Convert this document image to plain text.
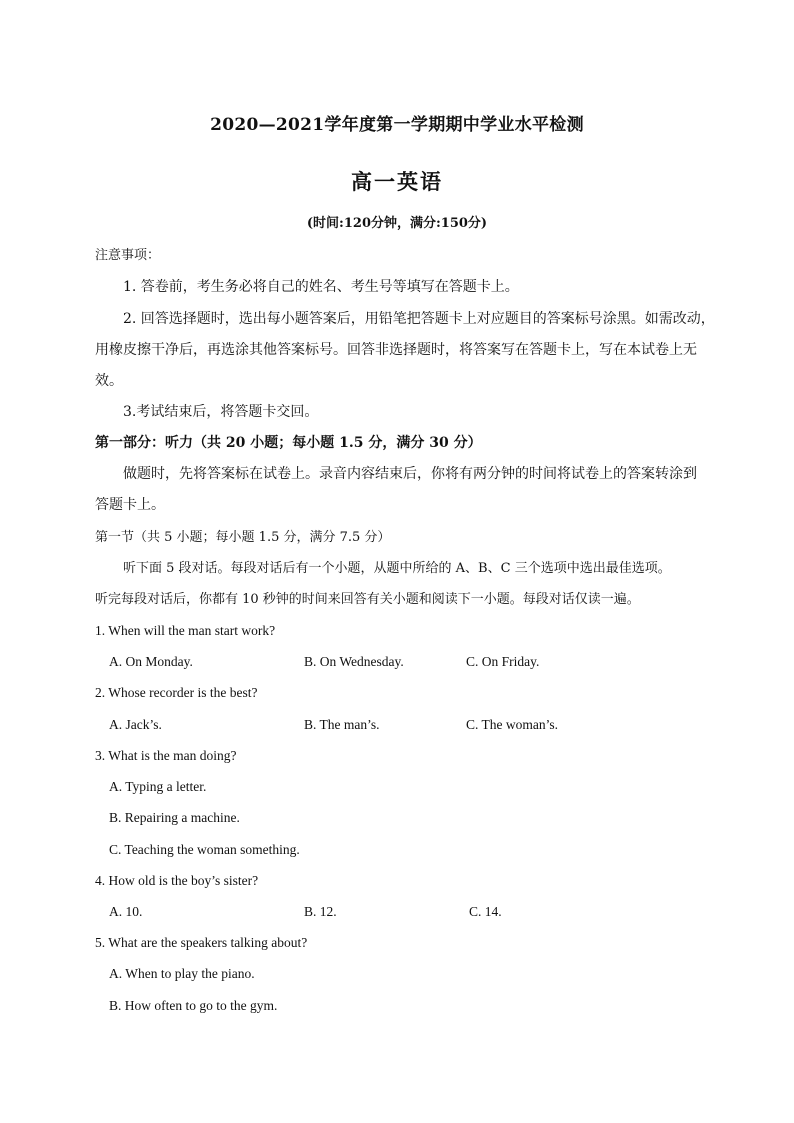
2020—2021学年度第一学期期中学业水平检测
高一英语
(时间:120分钟，满分:150分)
注意事项：
1. 答卷前，考生务必将自己的姓名、考生号等填写在答题卡上。
2. 回答选择题时，选出每小题答案后，用铅笔把答题卡上对应题目的答案标号涂黑。如需改动，
用橡皮擦干净后，再选涂其他答案标号。回答非选择题时，将答案写在答题卡上，写在本试卷上无
效。
3.考试结束后，将答题卡交回。
第一部分：听力（共 20 小题；每小题 1.5 分，满分 30 分）
做题时，先将答案标在试卷上。录音内容结束后，你将有两分钟的时间将试卷上的答案转涂到
答题卡上。
第一节（共 5 小题；每小题 1.5 分，满分 7.5 分）
听下面 5 段对话。每段对话后有一个小题，从题中所给的 A、B、C 三个选项中选出最佳选项。
听完每段对话后，你都有 10 秒钟的时间来回答有关小题和阅读下一小题。每段对话仅读一遍。
1. When will the man start work?
A. On Monday.	B. On Wednesday.	C. On Friday.
2. Whose recorder is the best?
A. Jack’s.	B. The man’s.	C. The woman’s.
3. What is the man doing?
A. Typing a letter.
B. Repairing a machine.
C. Teaching the woman something.
4. How old is the boy’s sister?
A. 10.	B. 12.	C. 14.
5. What are the speakers talking about?
A. When to play the piano.
B. How often to go to the gym.
